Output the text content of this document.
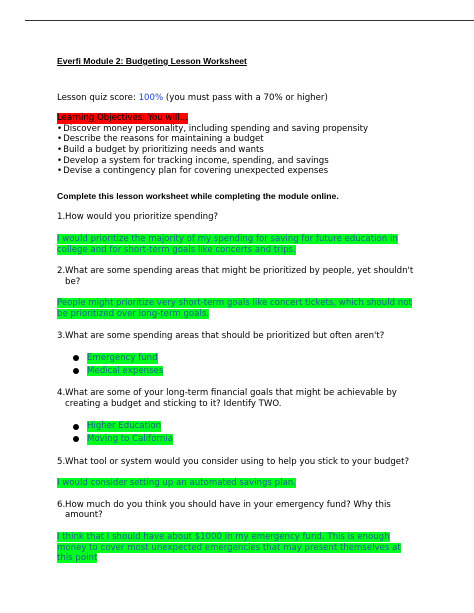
Everfi Module 2: Budgeting Lesson Worksheet

Lesson quiz score: 100% (you must pass with a 70% or higher)
Learning Objectives: You will...
• Discover money personality, including spending and saving propensity
• Describe the reasons for maintaining a budget
• Build a budget by prioritizing needs and wants
• Develop a system for tracking income, spending, and savings
• Devise a contingency plan for covering unexpected expenses
Complete this lesson worksheet while completing the module online.
1. How would you prioritize spending?
I would prioritize the majority of my spending for saving for future education in college and for short-term goals like concerts and trips.
2. What are some spending areas that might be prioritized by people, yet shouldn't be?
People might prioritize very short-term goals like concert tickets, which should not be prioritized over long-term goals.
3. What are some spending areas that should be prioritized but often aren't?
Emergency fund
Medical expenses
4. What are some of your long-term financial goals that might be achievable by creating a budget and sticking to it? Identify TWO.
Higher Education
Moving to California
5. What tool or system would you consider using to help you stick to your budget?
I would consider setting up an automated savings plan.
6. How much do you think you should have in your emergency fund? Why this amount?
I think that I should have about $1000 in my emergency fund. This is enough money to cover most unexpected emergencies that may present themselves at this point
